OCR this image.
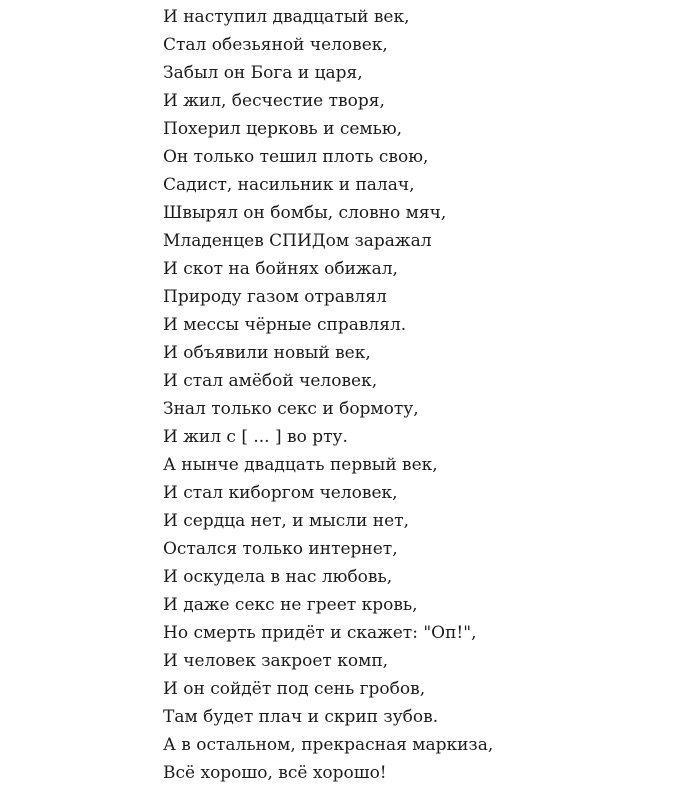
И наступил двадцатый век,
Стал обезьяной человек,
Забыл он Бога и царя,
И жил, бесчестие творя,
Похерил церковь и семью,
Он только тешил плоть свою,
Садист, насильник и палач,
Швырял он бомбы, словно мяч,
Младенцев СПИДом заражал
И скот на бойнях обижал,
Природу газом отравлял
И мессы чёрные справлял.
И объявили новый век,
И стал амёбой человек,
Знал только секс и бормоту,
И жил с [ ... ] во рту.
А нынче двадцать первый век,
И стал киборгом человек,
И сердца нет, и мысли нет,
Остался только интернет,
И оскудела в нас любовь,
И даже секс не греет кровь,
Но смерть придёт и скажет: "Оп!",
И человек закроет комп,
И он сойдёт под сень гробов,
Там будет плач и скрип зубов.
А в остальном, прекрасная маркиза,
Всё хорошо, всё хорошо!
